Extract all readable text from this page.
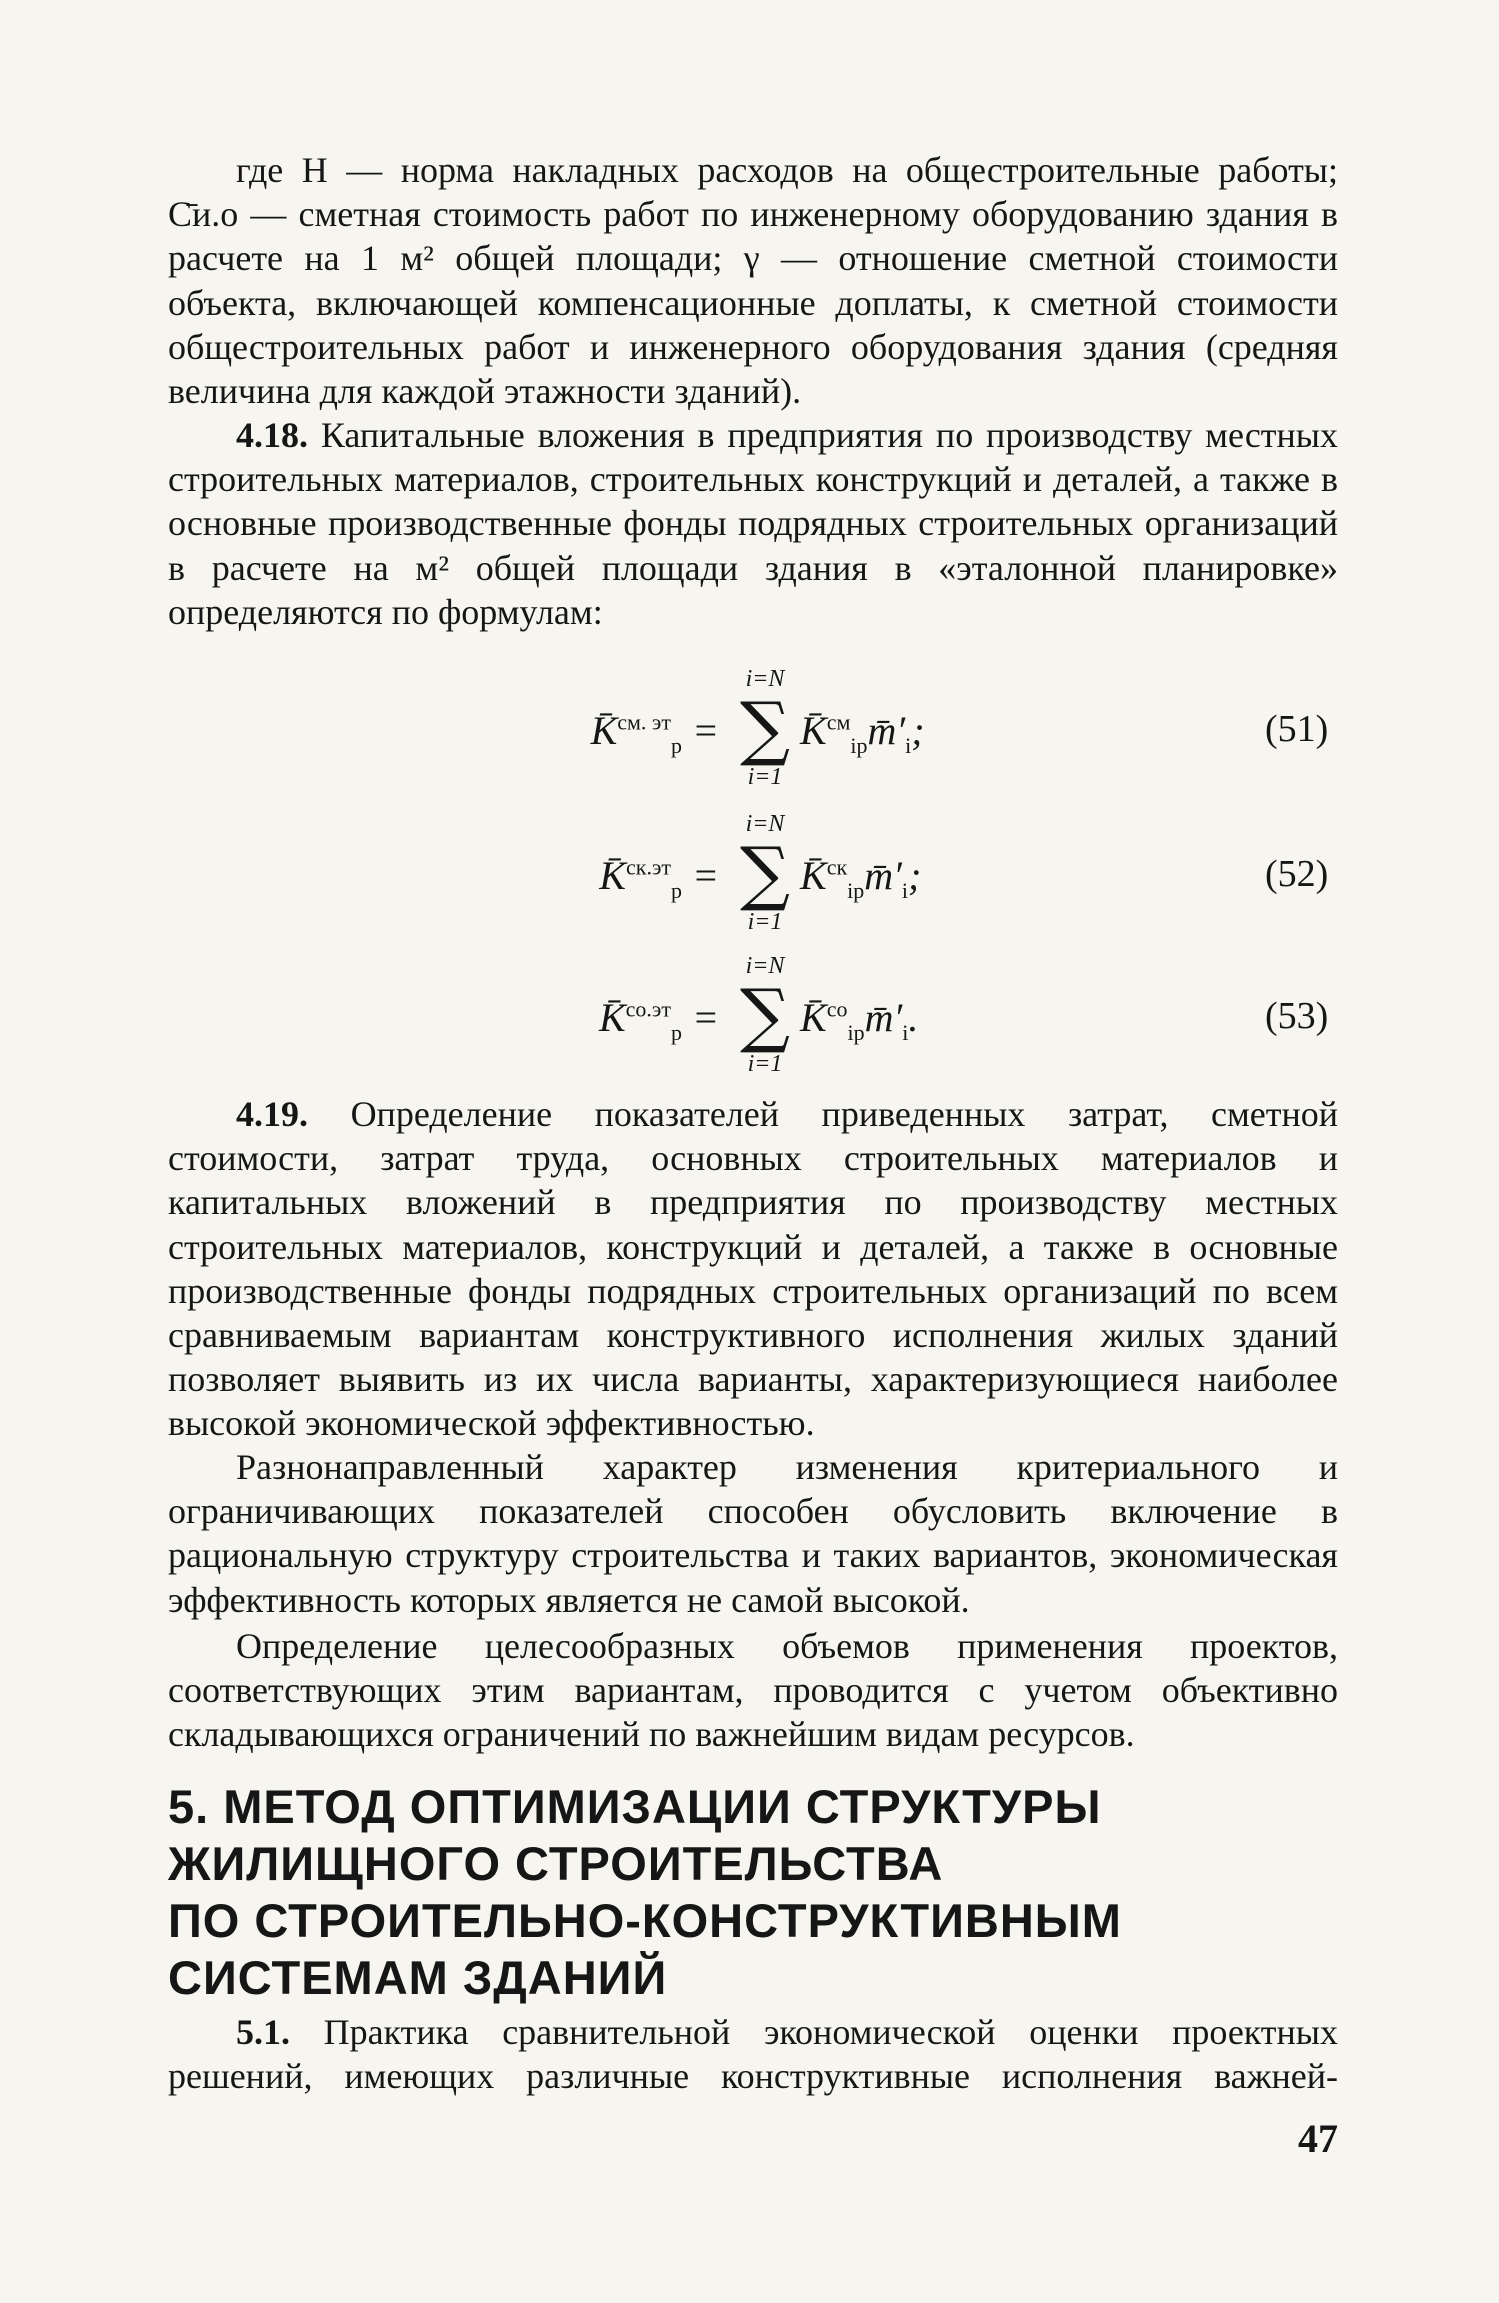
где Н — норма накладных расходов на общестроительные работы; С̄и.о — сметная стоимость работ по инженерному оборудованию здания в расчете на 1 м² общей площади; γ — отношение сметной стоимости объекта, включающей компенсационные доплаты, к сметной стоимости общестроительных работ и инженерного оборудования здания (средняя величина для каждой этажности зданий).

4.18. Капитальные вложения в предприятия по производству местных строительных материалов, строительных конструкций и деталей, а также в основные производственные фонды подрядных строительных организаций в расчете на м² общей площади здания в «эталонной планировке» определяются по формулам:

K̄$^{см. эт}_p$ =
i=N
∑
i=1
$K̄^{см}_{ip}m̄'_i$;	(51)
K̄$^{ск.эт}_p$ =
i=N
∑
i=1
$K̄^{ск}_{ip}m̄'_i$;	(52)
K̄$^{со.эт}_p$ =
i=N
∑
i=1
$K̄^{со}_{ip}m̄'_i$.	(53)

4.19. Определение показателей приведенных затрат, сметной стоимости, затрат труда, основных строительных материалов и капитальных вложений в предприятия по производству местных строительных материалов, конструкций и деталей, а также в основные производственные фонды подрядных строительных организаций по всем сравниваемым вариантам конструктивного исполнения жилых зданий позволяет выявить из их числа варианты, характеризующиеся наиболее высокой экономической эффективностью.

Разнонаправленный характер изменения критериального и ограничивающих показателей способен обусловить включение в рациональную структуру строительства и таких вариантов, экономическая эффективность которых является не самой высокой.

Определение целесообразных объемов применения проектов, соответствующих этим вариантам, проводится с учетом объективно складывающихся ограничений по важнейшим видам ресурсов.

5. МЕТОД ОПТИМИЗАЦИИ СТРУКТУРЫ
ЖИЛИЩНОГО СТРОИТЕЛЬСТВА
ПО СТРОИТЕЛЬНО-КОНСТРУКТИВНЫМ
СИСТЕМАМ ЗДАНИЙ

5.1. Практика сравнительной экономической оценки проектных решений, имеющих различные конструктивные исполнения важней-

47
